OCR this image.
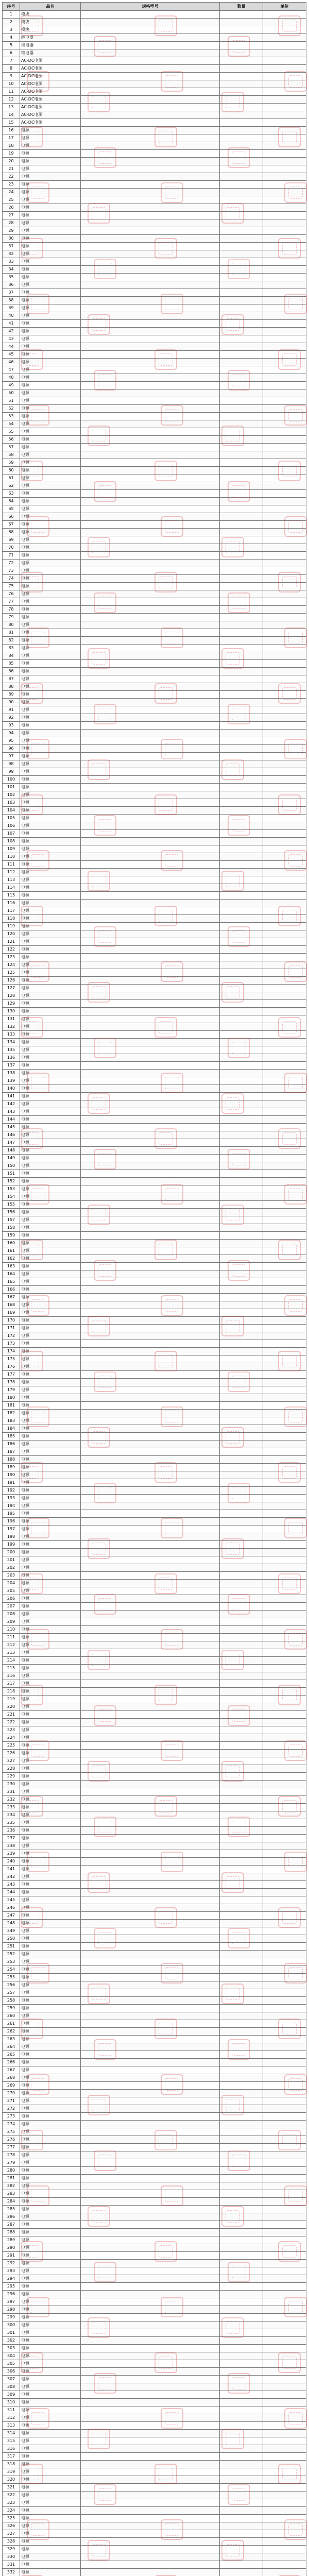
序号	品名	规格型号	数量	单位
1	模块			
2	模块			
3	模块			
4	继电器			
5	继电器			
6	继电器			
7	AC-DC电源			
8	AC-DC电源			
9	AC-DC电源			
10	AC-DC电源			
11	AC-DC电源			
12	AC-DC电源			
13	AC-DC电源			
14	AC-DC电源			
15	AC-DC电源			
16	电源			
17	电源			
18	电源			
19	电源			
20	电源			
21	电源			
22	电源			
23	电源			
24	电源			
25	电源			
26	电源			
27	电源			
28	电源			
29	电源			
30	电源			
31	电源			
32	电源			
33	电源			
34	电源			
35	电源			
36	电源			
37	电源			
38	电源			
39	电源			
40	电源			
41	电源			
42	电源			
43	电源			
44	电源			
45	电源			
46	电源			
47	电源			
48	电源			
49	电源			
50	电源			
51	电源			
52	电源			
53	电源			
54	电源			
55	电源			
56	电源			
57	电源			
58	电源			
59	电源			
60	电源			
61	电源			
62	电源			
63	电源			
64	电源			
65	电源			
66	电源			
67	电源			
68	电源			
69	电源			
70	电源			
71	电源			
72	电源			
73	电源			
74	电源			
75	电源			
76	电源			
77	电源			
78	电源			
79	电源			
80	电源			
81	电源			
82	电源			
83	电源			
84	电源			
85	电源			
86	电源			
87	电源			
88	电源			
89	电源			
90	电源			
91	电源			
92	电源			
93	电源			
94	电源			
95	电源			
96	电源			
97	电源			
98	电源			
99	电源			
100	电源			
101	电源			
102	电源			
103	电源			
104	电源			
105	电源			
106	电源			
107	电源			
108	电源			
109	电源			
110	电源			
111	电源			
112	电源			
113	电源			
114	电源			
115	电源			
116	电源			
117	电源			
118	电源			
119	电源			
120	电源			
121	电源			
122	电源			
123	电源			
124	电源			
125	电源			
126	电源			
127	电源			
128	电源			
129	电源			
130	电源			
131	电源			
132	电源			
133	电源			
134	电源			
135	电源			
136	电源			
137	电源			
138	电源			
139	电源			
140	电源			
141	电源			
142	电源			
143	电源			
144	电源			
145	电源			
146	电源			
147	电源			
148	电源			
149	电源			
150	电源			
151	电源			
152	电源			
153	电源			
154	电源			
155	电源			
156	电源			
157	电源			
158	电源			
159	电源			
160	电源			
161	电源			
162	电源			
163	电源			
164	电源			
165	电源			
166	电源			
167	电源			
168	电源			
169	电源			
170	电源			
171	电源			
172	电源			
173	电源			
174	电源			
175	电源			
176	电源			
177	电源			
178	电源			
179	电源			
180	电源			
181	电源			
182	电源			
183	电源			
184	电源			
185	电源			
186	电源			
187	电源			
188	电源			
189	电源			
190	电源			
191	电源			
192	电源			
193	电源			
194	电源			
195	电源			
196	电源			
197	电源			
198	电源			
199	电源			
200	电源			
201	电源			
202	电源			
203	电源			
204	电源			
205	电源			
206	电源			
207	电源			
208	电源			
209	电源			
210	电源			
211	电源			
212	电源			
213	电源			
214	电源			
215	电源			
216	电源			
217	电源			
218	电源			
219	电源			
220	电源			
221	电源			
222	电源			
223	电源			
224	电源			
225	电源			
226	电源			
227	电源			
228	电源			
229	电源			
230	电源			
231	电源			
232	电源			
233	电源			
234	电源			
235	电源			
236	电源			
237	电源			
238	电源			
239	电源			
240	电源			
241	电源			
242	电源			
243	电源			
244	电源			
245	电源			
246	电源			
247	电源			
248	电源			
249	电源			
250	电源			
251	电源			
252	电源			
253	电源			
254	电源			
255	电源			
256	电源			
257	电源			
258	电源			
259	电源			
260	电源			
261	电源			
262	电源			
263	电源			
264	电源			
265	电源			
266	电源			
267	电源			
268	电源			
269	电源			
270	电源			
271	电源			
272	电源			
273	电源			
274	电源			
275	电源			
276	电源			
277	电源			
278	电源			
279	电源			
280	电源			
281	电源			
282	电源			
283	电源			
284	电源			
285	电源			
286	电源			
287	电源			
288	电源			
289	电源			
290	电源			
291	电源			
292	电源			
293	电源			
294	电源			
295	电源			
296	电源			
297	电源			
298	电源			
299	电源			
300	电源			
301	电源			
302	电源			
303	电源			
304	电源			
305	电源			
306	电源			
307	电源			
308	电源			
309	电源			
310	电源			
311	电源			
312	电源			
313	电源			
314	电源			
315	电源			
316	电源			
317	电源			
318	电源			
319	电源			
320	电源			
321	电源			
322	电源			
323	电源			
324	电源			
325	电源			
326	电源			
327	电源			
328	电源			
329	电源			
330	电源			
331	电源			
332	电源			
